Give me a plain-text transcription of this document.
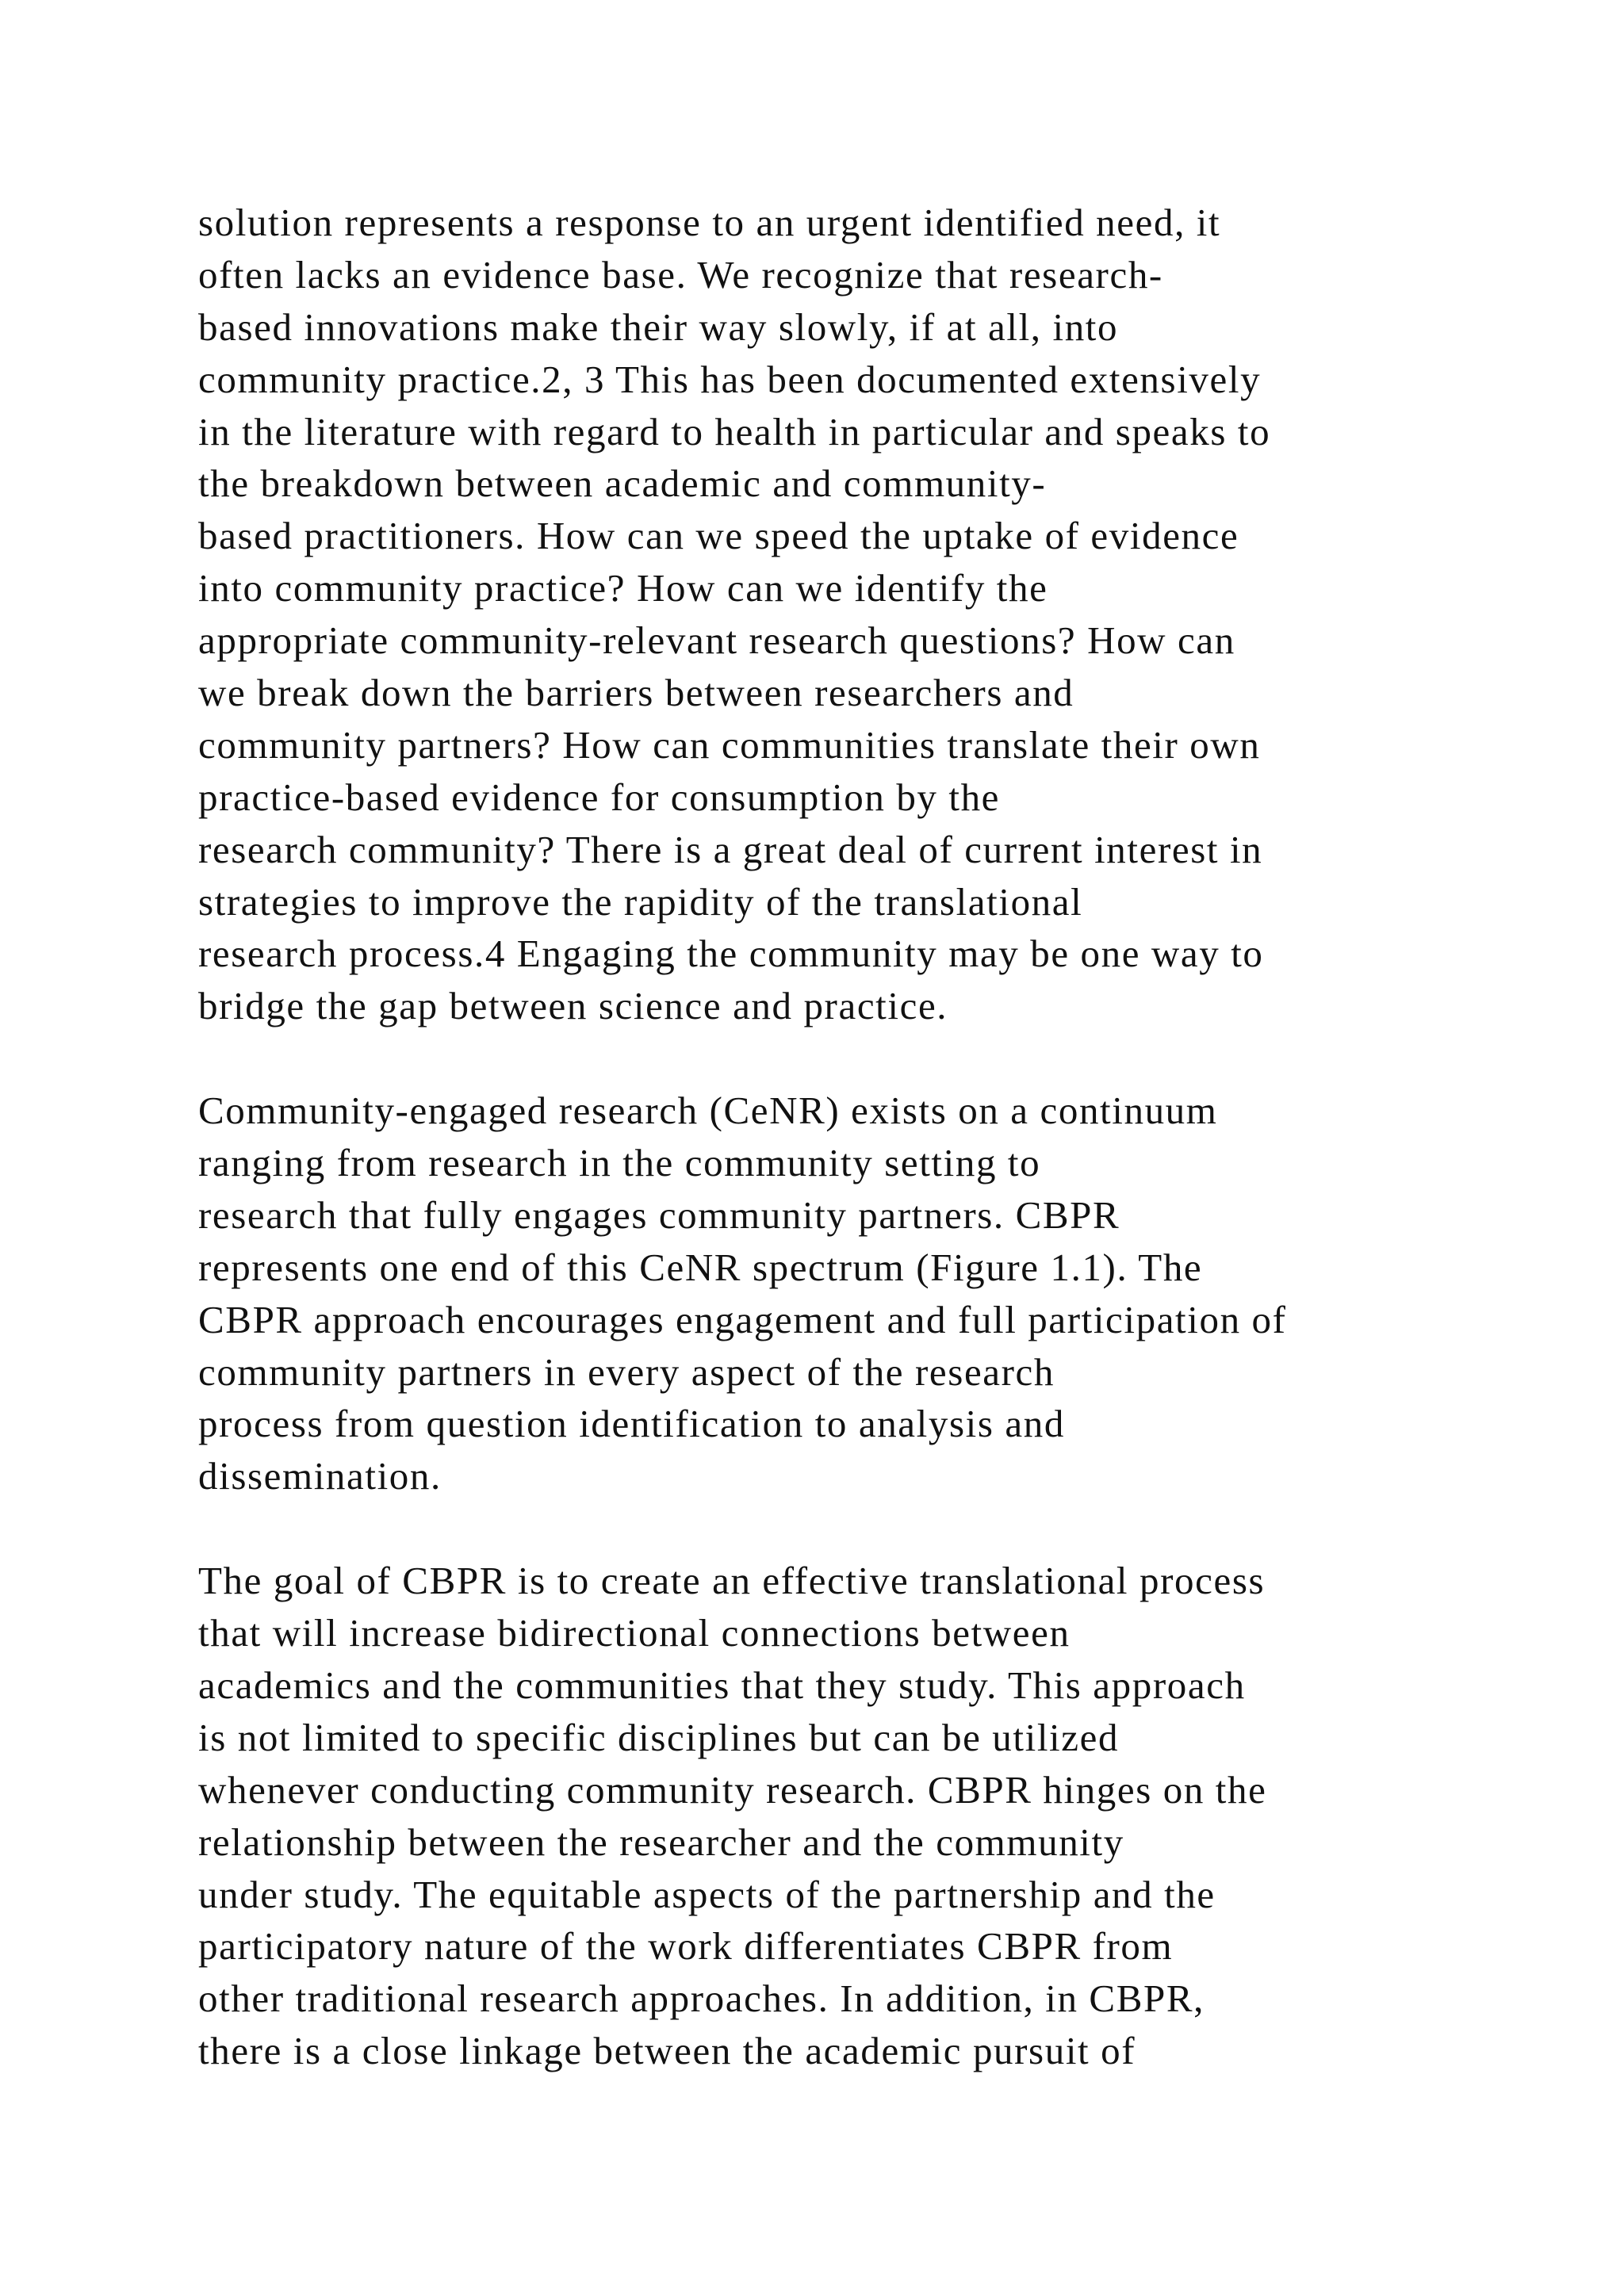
solution represents a response to an urgent identified need, it
often lacks an evidence base. We recognize that research-
based innovations make their way slowly, if at all, into
community practice.2, 3 This has been documented extensively
in the literature with regard to health in particular and speaks to
the breakdown between academic and community-
based practitioners. How can we speed the uptake of evidence
into community practice? How can we identify the
appropriate community-relevant research questions? How can
we break down the barriers between researchers and
community partners? How can communities translate their own
practice-based evidence for consumption by the
research community? There is a great deal of current interest in
strategies to improve the rapidity of the translational
research process.4 Engaging the community may be one way to
bridge the gap between science and practice.

Community-engaged research (CeNR) exists on a continuum
ranging from research in the community setting to
research that fully engages community partners. CBPR
represents one end of this CeNR spectrum (Figure 1.1). The
CBPR approach encourages engagement and full participation of
community partners in every aspect of the research
process from question identification to analysis and
dissemination.

The goal of CBPR is to create an effective translational process
that will increase bidirectional connections between
academics and the communities that they study. This approach
is not limited to specific disciplines but can be utilized
whenever conducting community research. CBPR hinges on the
relationship between the researcher and the community
under study. The equitable aspects of the partnership and the
participatory nature of the work differentiates CBPR from
other traditional research approaches. In addition, in CBPR,
there is a close linkage between the academic pursuit of
